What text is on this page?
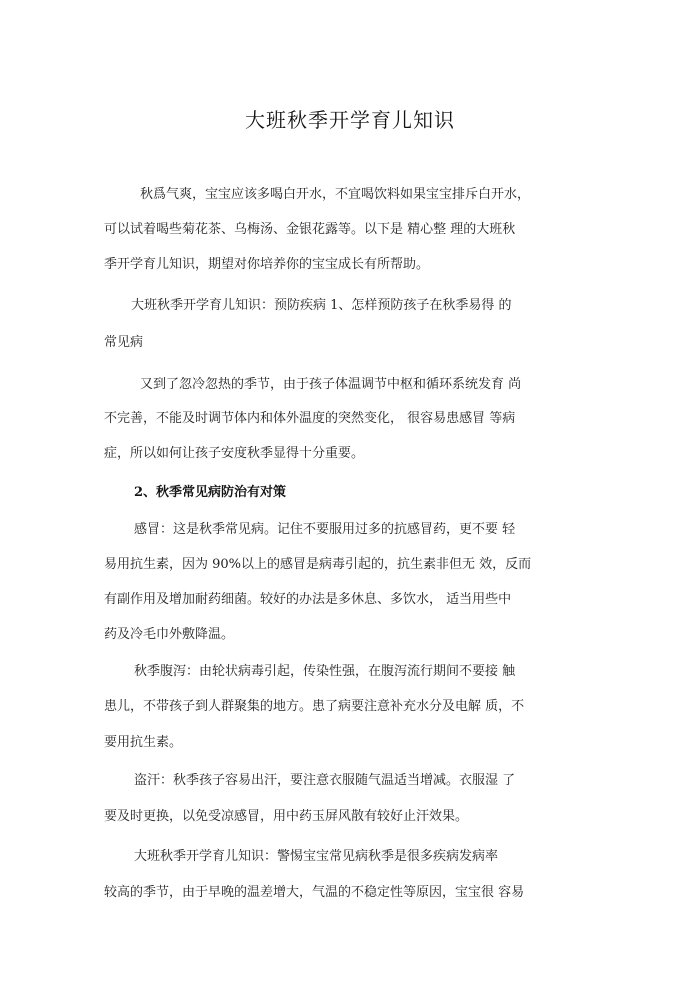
大班秋季开学育儿知识
秋爲气爽，宝宝应该多喝白开水，不宜喝饮料如果宝宝排斥白开水，
可以试着喝些菊花茶、乌梅汤、金银花露等。以下是 精心整 理的大班秋
季开学育儿知识，期望对你培养你的宝宝成长有所帮助。
大班秋季开学育儿知识：预防疾病 1、怎样预防孩子在秋季易得 的
常见病
又到了忽冷忽热的季节，由于孩子体温调节中枢和循环系统发育 尚
不完善，不能及时调节体内和体外温度的突然变化， 很容易患感冒 等病
症，所以如何让孩子安度秋季显得十分重要。
2、秋季常见病防治有对策
感冒：这是秋季常见病。记住不要服用过多的抗感冒药，更不要 轻
易用抗生素，因为 90%以上的感冒是病毒引起的，抗生素非但无 效，反而
有副作用及增加耐药细菌。较好的办法是多休息、多饮水， 适当用些中
药及冷毛巾外敷降温。
秋季腹泻：由轮状病毒引起，传染性强，在腹泻流行期间不要接 触
患儿，不带孩子到人群聚集的地方。患了病要注意补充水分及电解 质，不
要用抗生素。
盗汗：秋季孩子容易出汗，要注意衣服随气温适当增减。衣服湿 了
要及时更换，以免受凉感冒，用中药玉屏风散有较好止汗效果。
大班秋季开学育儿知识：警惕宝宝常见病秋季是很多疾病发病率
较高的季节，由于早晚的温差增大，气温的不稳定性等原因，宝宝很 容易
